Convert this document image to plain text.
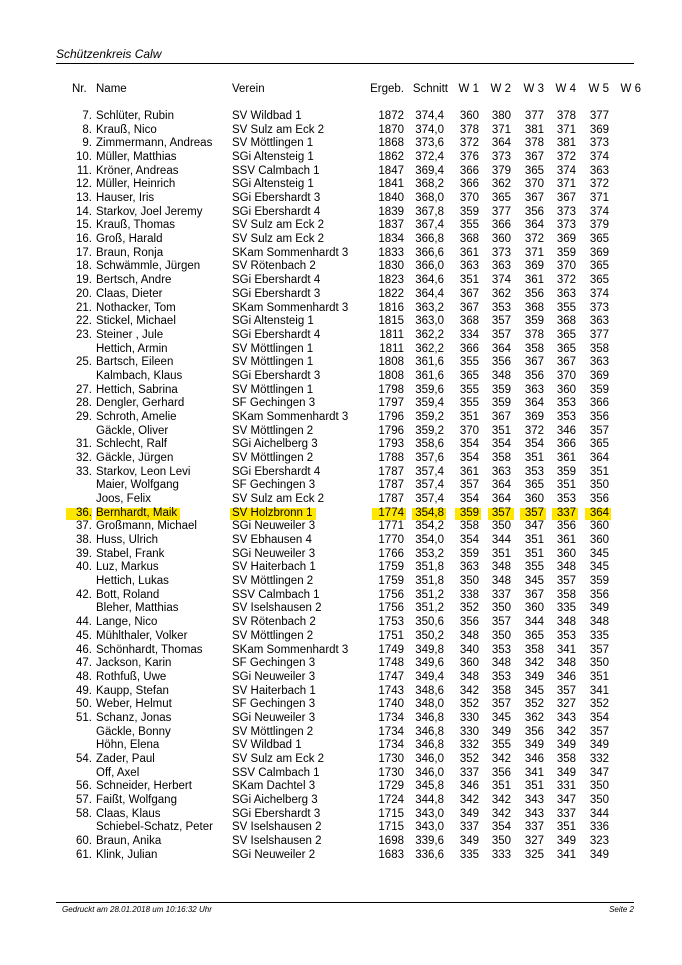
Schützenkreis Calw
Nr. Name	Verein	Ergeb. Schnitt W 1	W 2	W 3	W 4	W 5	W 6
7. Schlüter, Rubin	SV Wildbad 1	1872 374,4	360	380	377	378	377
8. Krauß, Nico	SV Sulz am Eck 2	1870 374,0	378	371	381	371	369
9. Zimmermann, Andreas SV Möttlingen 1	1868 373,6	372	364	378	381	373
10. Müller, Matthias	SGi Altensteig 1	1862 372,4	376	373	367	372	374
11. Kröner, Andreas	SSV Calmbach 1	1847 369,4	366	379	365	374	363
12. Müller, Heinrich	SGi Altensteig 1	1841 368,2	366	362	370	371	372
13. Hauser, Iris	SGi Ebershardt 3	1840 368,0	370	365	367	367	371
14. Starkov, Joel Jeremy	SGi Ebershardt 4	1839 367,8	359	377	356	373	374
15. Krauß, Thomas	SV Sulz am Eck 2	1837 367,4	355	366	364	373	379
16. Groß, Harald	SV Sulz am Eck 2	1834 366,8	368	360	372	369	365
17. Braun, Ronja	SKam Sommenhardt 3	1833 366,6	361	373	371	359	369
18. Schwämmle, Jürgen	SV Rötenbach 2	1830 366,0	363	363	369	370	365
19. Bertsch, Andre	SGi Ebershardt 4	1823 364,6	351	374	361	372	365
20. Claas, Dieter	SGi Ebershardt 3	1822 364,4	367	362	356	363	374
21. Nothacker, Tom	SKam Sommenhardt 3	1816 363,2	367	353	368	355	373
22. Stickel, Michael	SGi Altensteig 1	1815 363,0	368	357	359	368	363
23. Steiner , Jule	SGi Ebershardt 4	1811 362,2	334	357	378	365	377
Hettich, Armin	SV Möttlingen 1	1811 362,2	366	364	358	365	358
25. Bartsch, Eileen	SV Möttlingen 1	1808 361,6	355	356	367	367	363
Kalmbach, Klaus	SGi Ebershardt 3	1808 361,6	365	348	356	370	369
27. Hettich, Sabrina	SV Möttlingen 1	1798 359,6	355	359	363	360	359
28. Dengler, Gerhard	SF Gechingen 3	1797 359,4	355	359	364	353	366
29. Schroth, Amelie	SKam Sommenhardt 3	1796 359,2	351	367	369	353	356
Gäckle, Oliver	SV Möttlingen 2	1796 359,2	370	351	372	346	357
31. Schlecht, Ralf	SGi Aichelberg 3	1793 358,6	354	354	354	366	365
32. Gäckle, Jürgen	SV Möttlingen 2	1788 357,6	354	358	351	361	364
33. Starkov, Leon Levi	SGi Ebershardt 4	1787 357,4	361	363	353	359	351
Maier, Wolfgang	SF Gechingen 3	1787 357,4	357	364	365	351	350
Joos, Felix	SV Sulz am Eck 2	1787 357,4	354	364	360	353	356
36. Bernhardt, Maik	SV Holzbronn 1	1774 354,8	359	357	357	337	364
37. Großmann, Michael	SGi Neuweiler 3	1771 354,2	358	350	347	356	360
38. Huss, Ulrich	SV Ebhausen 4	1770 354,0	354	344	351	361	360
39. Stabel, Frank	SGi Neuweiler 3	1766 353,2	359	351	351	360	345
40. Luz, Markus	SV Haiterbach 1	1759 351,8	363	348	355	348	345
Hettich, Lukas	SV Möttlingen 2	1759 351,8	350	348	345	357	359
42. Bott, Roland	SSV Calmbach 1	1756 351,2	338	337	367	358	356
Bleher, Matthias	SV Iselshausen 2	1756 351,2	352	350	360	335	349
44. Lange, Nico	SV Rötenbach 2	1753 350,6	356	357	344	348	348
45. Mühlthaler, Volker	SV Möttlingen 2	1751 350,2	348	350	365	353	335
46. Schönhardt, Thomas	SKam Sommenhardt 3	1749 349,8	340	353	358	341	357
47. Jackson, Karin	SF Gechingen 3	1748 349,6	360	348	342	348	350
48. Rothfuß, Uwe	SGi Neuweiler 3	1747 349,4	348	353	349	346	351
49. Kaupp, Stefan	SV Haiterbach 1	1743 348,6	342	358	345	357	341
50. Weber, Helmut	SF Gechingen 3	1740 348,0	352	357	352	327	352
51. Schanz, Jonas	SGi Neuweiler 3	1734 346,8	330	345	362	343	354
Gäckle, Bonny	SV Möttlingen 2	1734 346,8	330	349	356	342	357
Höhn, Elena	SV Wildbad 1	1734 346,8	332	355	349	349	349
54. Zader, Paul	SV Sulz am Eck 2	1730 346,0	352	342	346	358	332
Off, Axel	SSV Calmbach 1	1730 346,0	337	356	341	349	347
56. Schneider, Herbert	SKam Dachtel 3	1729 345,8	346	351	351	331	350
57. Faißt, Wolfgang	SGi Aichelberg 3	1724 344,8	342	342	343	347	350
58. Claas, Klaus	SGi Ebershardt 3	1715 343,0	349	342	343	337	344
Schiebel-Schatz, Peter SV Iselshausen 2	1715 343,0	337	354	337	351	336
60. Braun, Anika	SV Iselshausen 2	1698 339,6	349	350	327	349	323
61. Klink, Julian	SGi Neuweiler 2	1683 336,6	335	333	325	341	349
Gedruckt am 28.01.2018 um 10:16:32 Uhr	Seite 2
